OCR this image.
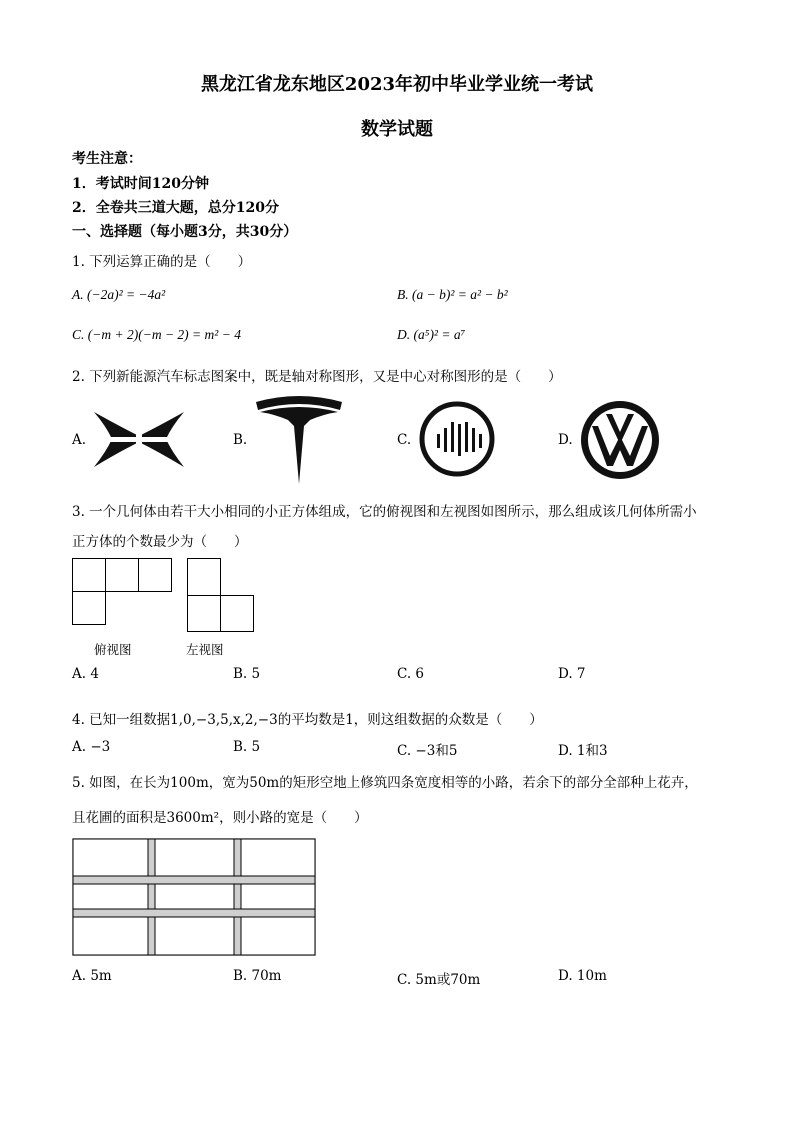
黑龙江省龙东地区2023年初中毕业学业统一考试
数学试题
考生注意：
1．考试时间120分钟
2．全卷共三道大题，总分120分
一、选择题（每小题3分，共30分）
1. 下列运算正确的是（　　）
A. (−2a)² = −4a²	B. (a − b)² = a² − b²
C. (−m + 2)(−m − 2) = m² − 4	D. (a⁵)² = a⁷
2. 下列新能源汽车标志图案中，既是轴对称图形，又是中心对称图形的是（　　）
A.	B.	C.	D.
3. 一个几何体由若干大小相同的小正方体组成，它的俯视图和左视图如图所示，那么组成该几何体所需小
正方体的个数最少为（　　）
俯视图	左视图
A. 4	B. 5	C. 6	D. 7
4. 已知一组数据1,0,−3,5,x,2,−3的平均数是1，则这组数据的众数是（　　）
A. −3	B. 5	C. −3和5	D. 1和3
5. 如图，在长为100m，宽为50m的矩形空地上修筑四条宽度相等的小路，若余下的部分全部种上花卉，
且花圃的面积是3600m²，则小路的宽是（　　）
A. 5m	B. 70m	C. 5m或70m	D. 10m
